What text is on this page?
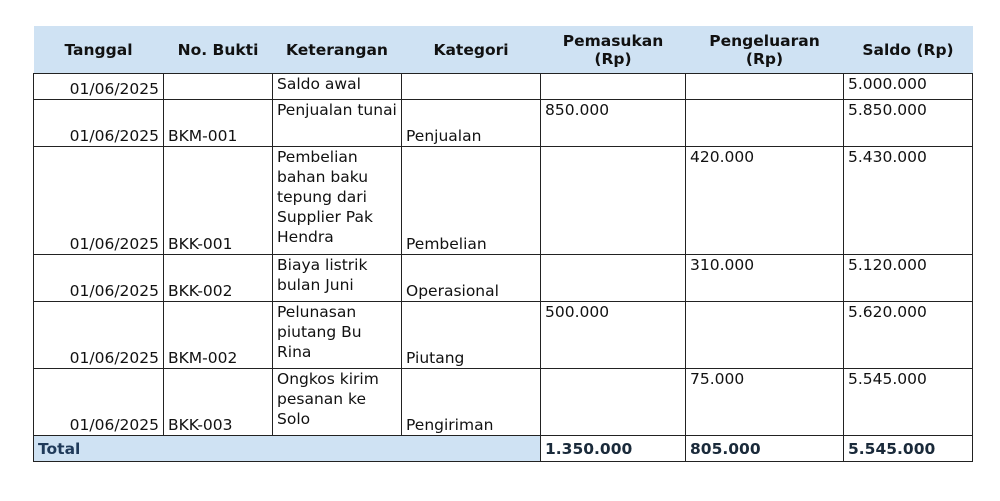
Tanggal	No. Bukti	Keterangan	Kategori	Pemasukan (Rp)	Pengeluaran (Rp)	Saldo (Rp)
01/06/2025		Saldo awal				5.000.000
01/06/2025	BKM-001	Penjualan tunai	Penjualan	850.000		5.850.000
01/06/2025	BKK-001	Pembelian bahan baku tepung dari Supplier Pak Hendra	Pembelian		420.000	5.430.000
01/06/2025	BKK-002	Biaya listrik bulan Juni	Operasional		310.000	5.120.000
01/06/2025	BKM-002	Pelunasan piutang Bu Rina	Piutang	500.000		5.620.000
01/06/2025	BKK-003	Ongkos kirim pesanan ke Solo	Pengiriman		75.000	5.545.000
Total				1.350.000	805.000	5.545.000
